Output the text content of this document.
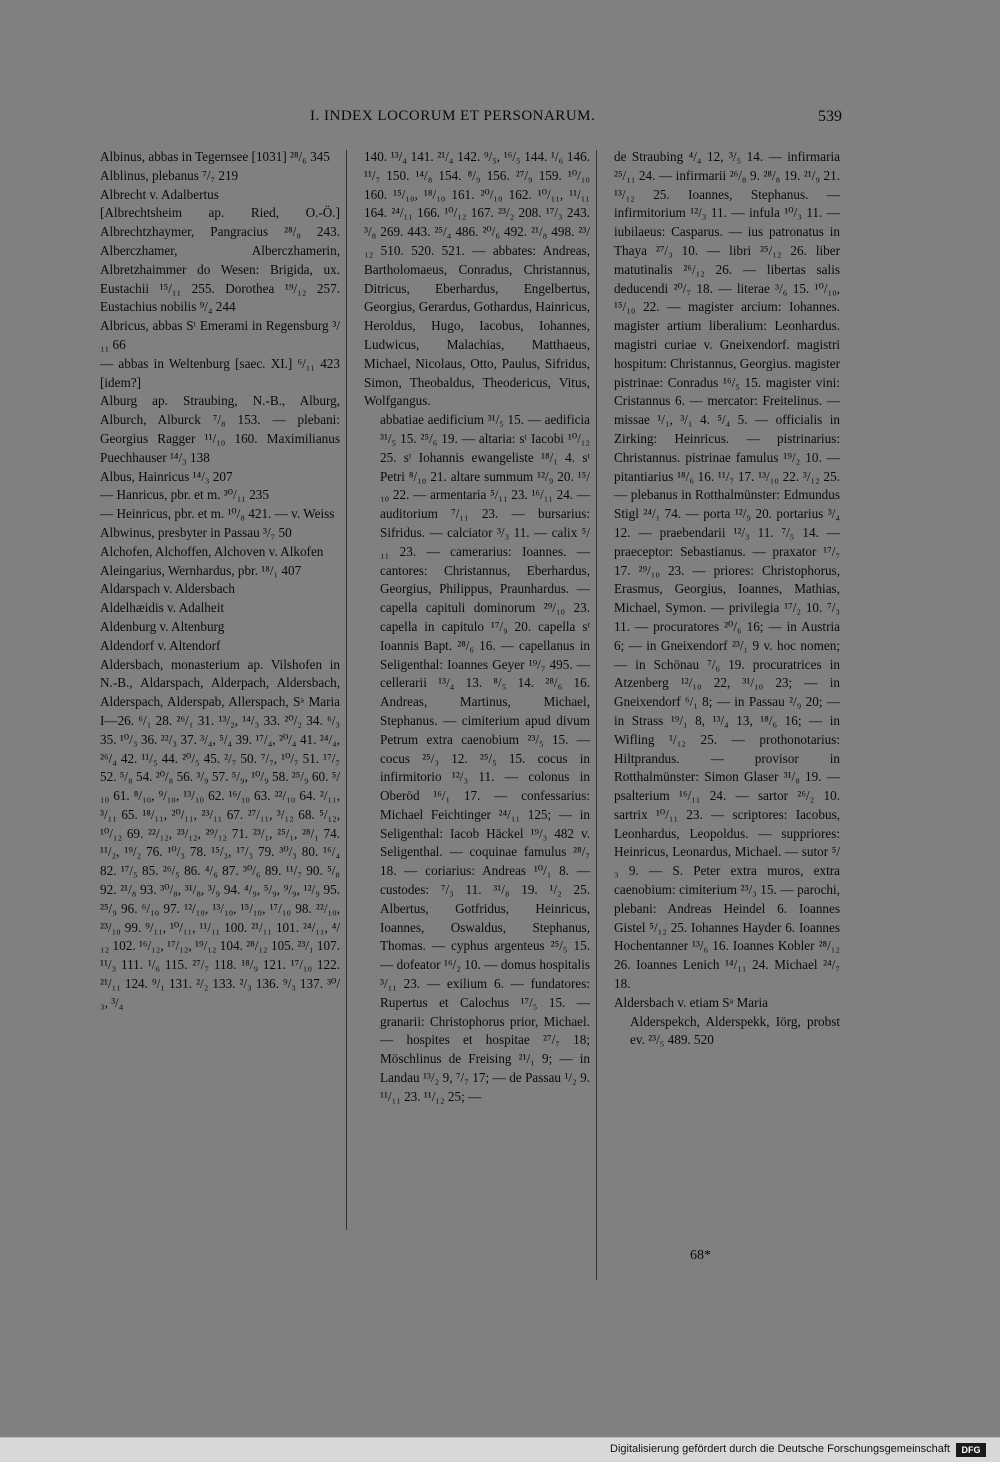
I. INDEX LOCORUM ET PERSONARUM.	539

Albinus, abbas in Tegernsee [1031] ²⁸/₆ 345

Alblinus, plebanus ⁷/₇ 219

Albrecht v. Adalbertus

[Albrechtsheim ap. Ried, O.-Ö.] Albrechtzhaymer, Pangracius ²⁸/₈ 243. Alberczhamer, Alberczhamerin, Albretzhaimmer do Wesen: Brigida, ux. Eustachii ¹⁵/₁₁ 255. Dorothea ¹⁹/₁₂ 257. Eustachius nobilis ⁹/₄ 244

Albricus, abbas Sᵗ Emerami in Regensburg ³/₁₁ 66

— abbas in Weltenburg [saec. XI.] ⁶/₁₁ 423 [idem?]

Alburg ap. Straubing, N.-B., Alburg, Alburch, Alburck ⁷/₈ 153. — plebani: Georgius Ragger ¹¹/₁₀ 160. Maximilianus Puechhauser ¹⁴/₃ 138

Albus, Hainricus ¹⁴/₃ 207

— Hanricus, pbr. et m. ³⁰/₁₁ 235

— Heinricus, pbr. et m. ¹⁰/₈ 421. — v. Weiss

Albwinus, presbyter in Passau ³/₇ 50

Alchofen, Alchoffen, Alchoven v. Alkofen

Aleingarius, Wernhardus, pbr. ¹⁸/₁ 407

Aldarspach v. Aldersbach

Aldelhæidis v. Adalheit

Aldenburg v. Altenburg

Aldendorf v. Altendorf

Aldersbach, monasterium ap. Vilshofen in N.-B., Aldarspach, Alderpach, Aldersbach, Alderspach, Alderspab, Allerspach, Sᵃ Maria I—26. ⁶/₁ 28. ²⁶/₁ 31. ¹³/₂, ¹⁴/₃ 33. ²⁰/₂ 34. ⁶/₃ 35. ¹⁰/₃ 36. ²²/₃ 37. ³/₄, ⁵/₄ 39. ¹⁷/₄, ²⁰/₄ 41. ²⁴/₄, ²⁶/₄ 42. ¹¹/₅ 44. ²⁰/₅ 45. ²/₇ 50. ⁷/₇, ¹⁰/₇ 51. ¹⁷/₇ 52. ⁵/₈ 54. ²⁰/₈ 56. ³/₉ 57. ⁵/₉, ¹⁰/₉ 58. ²⁵/₉ 60. ⁵/₁₀ 61. ⁸/₁₀, ⁹/₁₀, ¹³/₁₀ 62. ¹⁶/₁₀ 63. ²²/₁₀ 64. ²/₁₁, ³/₁₁ 65. ¹⁸/₁₁, ²⁰/₁₁, ²³/₁₁ 67. ²⁷/₁₁, ³/₁₂ 68. ⁵/₁₂, ¹⁰/₁₂ 69. ²²/₁₂, ²³/₁₂, ²⁹/₁₂ 71. ²³/₁, ²⁵/₁, ²⁸/₁ 74. ¹¹/₂, ¹⁹/₂ 76. ¹⁰/₃ 78. ¹⁵/₃, ¹⁷/₃ 79. ³⁰/₃ 80. ¹⁶/₄ 82. ¹⁷/₅ 85. ²⁶/₅ 86. ⁴/₆ 87. ³⁰/₆ 89. ¹¹/₇ 90. ⁵/₈ 92. ²¹/₈ 93. ³⁰/₈, ³¹/₈, ³/₉ 94. ⁴/₉, ⁵/₉, ⁹/₉, ¹²/₉ 95. ²⁵/₉ 96. ⁶/₁₀ 97. ¹²/₁₀, ¹³/₁₀, ¹⁵/₁₀, ¹⁷/₁₀ 98. ²²/₁₀, ²³/₁₀ 99. ⁹/₁₁, ¹⁰/₁₁, ¹¹/₁₁ 100. ²¹/₁₁ 101. ²⁴/₁₁, ⁴/₁₂ 102. ¹⁶/₁₂, ¹⁷/₁₂, ¹⁹/₁₂ 104. ²⁸/₁₂ 105. ²³/₁ 107. ¹¹/₃ 111. ¹/₆ 115. ²⁷/₇ 118. ¹⁸/₉ 121. ¹⁷/₁₀ 122. ²¹/₁₁ 124. ⁹/₁ 131. ²/₂ 133. ²/₃ 136. ⁹/₃ 137. ³⁰/₃, ³/₄

140. ¹³/₄ 141. ²¹/₄ 142. ⁹/₅, ¹⁶/₅ 144. ¹/₆ 146. ¹¹/₇ 150. ¹⁴/₈ 154. ⁸/₉ 156. ²⁷/₉ 159. ¹⁰/₁₀ 160. ¹⁵/₁₀, ¹⁸/₁₀ 161. ²⁰/₁₀ 162. ¹⁰/₁₁, ¹¹/₁₁ 164. ²⁴/₁₁ 166. ¹⁰/₁₂ 167. ²³/₂ 208. ¹⁷/₃ 243. ³/₈ 269. 443. ²⁵/₄ 486. ²⁰/₆ 492. ²¹/₈ 498. ²³/₁₂ 510. 520. 521. — abbates: Andreas, Bartholomaeus, Conradus, Christannus, Ditricus, Eberhardus, Engelbertus, Georgius, Gerardus, Gothardus, Hainricus, Heroldus, Hugo, Iacobus, Iohannes, Ludwicus, Malachias, Matthaeus, Michael, Nicolaus, Otto, Paulus, Sifridus, Simon, Theobaldus, Theodericus, Vitus, Wolfgangus.

abbatiae aedificium ³¹/₅ 15. — aedificia ³¹/₅ 15. ²⁵/₆ 19. — altaria: sᵗ Iacobi ¹⁰/₁₂ 25. sᵗ Iohannis ewangeliste ¹⁸/₁ 4. sᵗ Petri ⁸/₁₀ 21. altare summum ¹²/₉ 20. ¹⁵/₁₀ 22. — armentaria ⁵/₁₁ 23. ¹⁶/₁₁ 24. — auditorium ⁷/₁₁ 23. — bursarius: Sifridus. — calciator ³/₃ 11. — calix ⁵/₁₁ 23. — camerarius: Ioannes. — cantores: Christannus, Eberhardus, Georgius, Philippus, Praunhardus. — capella capituli dominorum ²⁹/₁₀ 23. capella in capitulo ¹⁷/₉ 20. capella sᵗ Ioannis Bapt. ²⁸/₆ 16. — capellanus in Seligenthal: Ioannes Geyer ¹⁹/₇ 495. — cellerarii ¹³/₄ 13. ⁸/₅ 14. ²⁸/₆ 16. Andreas, Martinus, Michael, Stephanus. — cimiterium apud divum Petrum extra caenobium ²³/₅ 15. — cocus ²⁵/₃ 12. ²⁵/₅ 15. cocus in infirmitorio ¹²/₃ 11. — colonus in Oberöd ¹⁶/₁ 17. — confessarius: Michael Feichtinger ²⁴/₁₁ 125; — in Seligenthal: Iacob Häckel ¹⁹/₃ 482 v. Seligenthal. — coquinae famulus ²⁸/₇ 18. — coriarius: Andreas ¹⁰/₁ 8. — custodes: ⁷/₃ 11. ³¹/₈ 19. ¹/₂ 25. Albertus, Gotfridus, Heinricus, Ioannes, Oswaldus, Stephanus, Thomas. — cyphus argenteus ²⁵/₅ 15. — dofeator ¹⁶/₂ 10. — domus hospitalis ³/₁₁ 23. — exilium 6. — fundatores: Rupertus et Calochus ¹⁷/₅ 15. — granarii: Christophorus prior, Michael. — hospites et hospitae ²⁷/₇ 18; Möschlinus de Freising ²¹/₁ 9; — in Landau ¹³/₂ 9, ⁷/₇ 17; — de Passau ¹/₂ 9. ¹¹/₁₁ 23. ¹¹/₁₂ 25; —

de Straubing ⁴/₄ 12, ³/₅ 14. — infirmaria ²⁵/₁₁ 24. — infirmarii ²⁶/₈ 9. ²⁸/₈ 19. ²¹/₉ 21. ¹³/₁₂ 25. Ioannes, Stephanus. — infirmitorium ¹²/₃ 11. — infula ¹⁰/₃ 11. — iubilaeus: Casparus. — ius patronatus in Thaya ²⁷/₃ 10. — libri ²⁵/₁₂ 26. liber matutinalis ²⁶/₁₂ 26. — libertas salis deducendi ²⁰/₇ 18. — literae ³/₆ 15. ¹⁰/₁₀, ¹⁵/₁₀ 22. — magister arcium: Iohannes. magister artium liberalium: Leonhardus. magistri curiae v. Gneixendorf. magistri hospitum: Christannus, Georgius. magister pistrinae: Conradus ¹⁶/₅ 15. magister vini: Cristannus 6. — mercator: Freitelinus. — missae ¹/₁, ³/₁ 4. ⁵/₄ 5. — officialis in Zirking: Heinricus. — pistrinarius: Christannus. pistrinae famulus ¹⁹/₂ 10. — pitantiarius ¹⁸/₆ 16. ¹¹/₇ 17. ¹³/₁₀ 22. ³/₁₂ 25. — plebanus in Rotthalmünster: Edmundus Stigl ²⁴/₁ 74. — porta ¹²/₉ 20. portarius ³/₄ 12. — praebendarii ¹²/₃ 11. ⁷/₅ 14. — praeceptor: Sebastianus. — praxator ¹⁷/₇ 17. ²⁹/₁₀ 23. — priores: Christophorus, Erasmus, Georgius, Ioannes, Mathias, Michael, Symon. — privilegia ¹⁷/₂ 10. ⁷/₃ 11. — procuratores ²⁰/₆ 16; — in Austria 6; — in Gneixendorf ²³/₁ 9 v. hoc nomen; — in Schönau ⁷/₆ 19. procuratrices in Atzenberg ¹²/₁₀ 22, ³¹/₁₀ 23; — in Gneixendorf ⁶/₁ 8; — in Passau ²/₉ 20; — in Strass ¹⁹/₁ 8, ¹³/₄ 13, ¹⁸/₆ 16; — in Wifling ¹/₁₂ 25. — prothonotarius: Hiltprandus. — provisor in Rotthalmünster: Simon Glaser ³¹/₈ 19. — psalterium ¹⁶/₁₁ 24. — sartor ²⁶/₂ 10. sartrix ¹⁰/₁₁ 23. — scriptores: Iacobus, Leonhardus, Leopoldus. — suppriores: Heinricus, Leonardus, Michael. — sutor ⁵/₃ 9. — S. Peter extra muros, extra caenobium: cimiterium ²³/₃ 15. — parochi, plebani: Andreas Heindel 6. Ioannes Gistel ⁵/₁₂ 25. Iohannes Hayder 6. Ioannes Hochentanner ¹³/₆ 16. Ioannes Kobler ²⁸/₁₂ 26. Ioannes Lenich ¹⁴/₁₁ 24. Michael ²⁴/₇ 18.

Aldersbach v. etiam Sᵃ Maria

Alderspekch, Alderspekk, Iörg, probst ev. ²³/₅ 489. 520

68*
Digitalisierung gefördert durch die Deutsche Forschungsgemeinschaft	DFG
